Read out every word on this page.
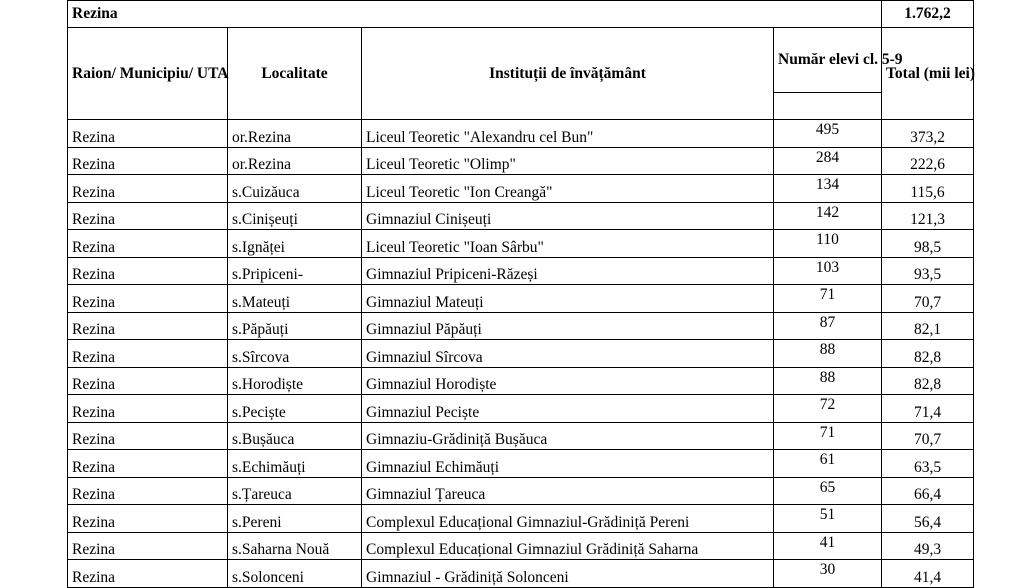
Rezina				1.762,2
Raion/ Municipiu/ UTA	Localitate	Instituții de învățământ	Număr elevi cl. 5-9	Total (mii lei)

Rezina	or.Rezina	Liceul Teoretic "Alexandru cel Bun"	495	373,2
Rezina	or.Rezina	Liceul Teoretic "Olimp"	284	222,6
Rezina	s.Cuizăuca	Liceul Teoretic "Ion Creangă"	134	115,6
Rezina	s.Cinișeuți	Gimnaziul Cinișeuți	142	121,3
Rezina	s.Ignăței	Liceul Teoretic "Ioan Sârbu"	110	98,5
Rezina	s.Pripiceni-	Gimnaziul Pripiceni-Răzeși	103	93,5
Rezina	s.Mateuți	Gimnaziul Mateuți	71	70,7
Rezina	s.Păpăuți	Gimnaziul Păpăuți	87	82,1
Rezina	s.Sîrcova	Gimnaziul Sîrcova	88	82,8
Rezina	s.Horodiște	Gimnaziul Horodiște	88	82,8
Rezina	s.Peciște	Gimnaziul Peciște	72	71,4
Rezina	s.Bușăuca	Gimnaziu-Grădiniță Bușăuca	71	70,7
Rezina	s.Echimăuți	Gimnaziul Echimăuți	61	63,5
Rezina	s.Țareuca	Gimnaziul Țareuca	65	66,4
Rezina	s.Pereni	Complexul Educațional Gimnaziul-Grădiniță Pereni	51	56,4
Rezina	s.Saharna Nouă	Complexul Educațional Gimnaziul Grădiniță Saharna	41	49,3
Rezina	s.Solonceni	Gimnaziul - Grădiniță Solonceni	30	41,4
